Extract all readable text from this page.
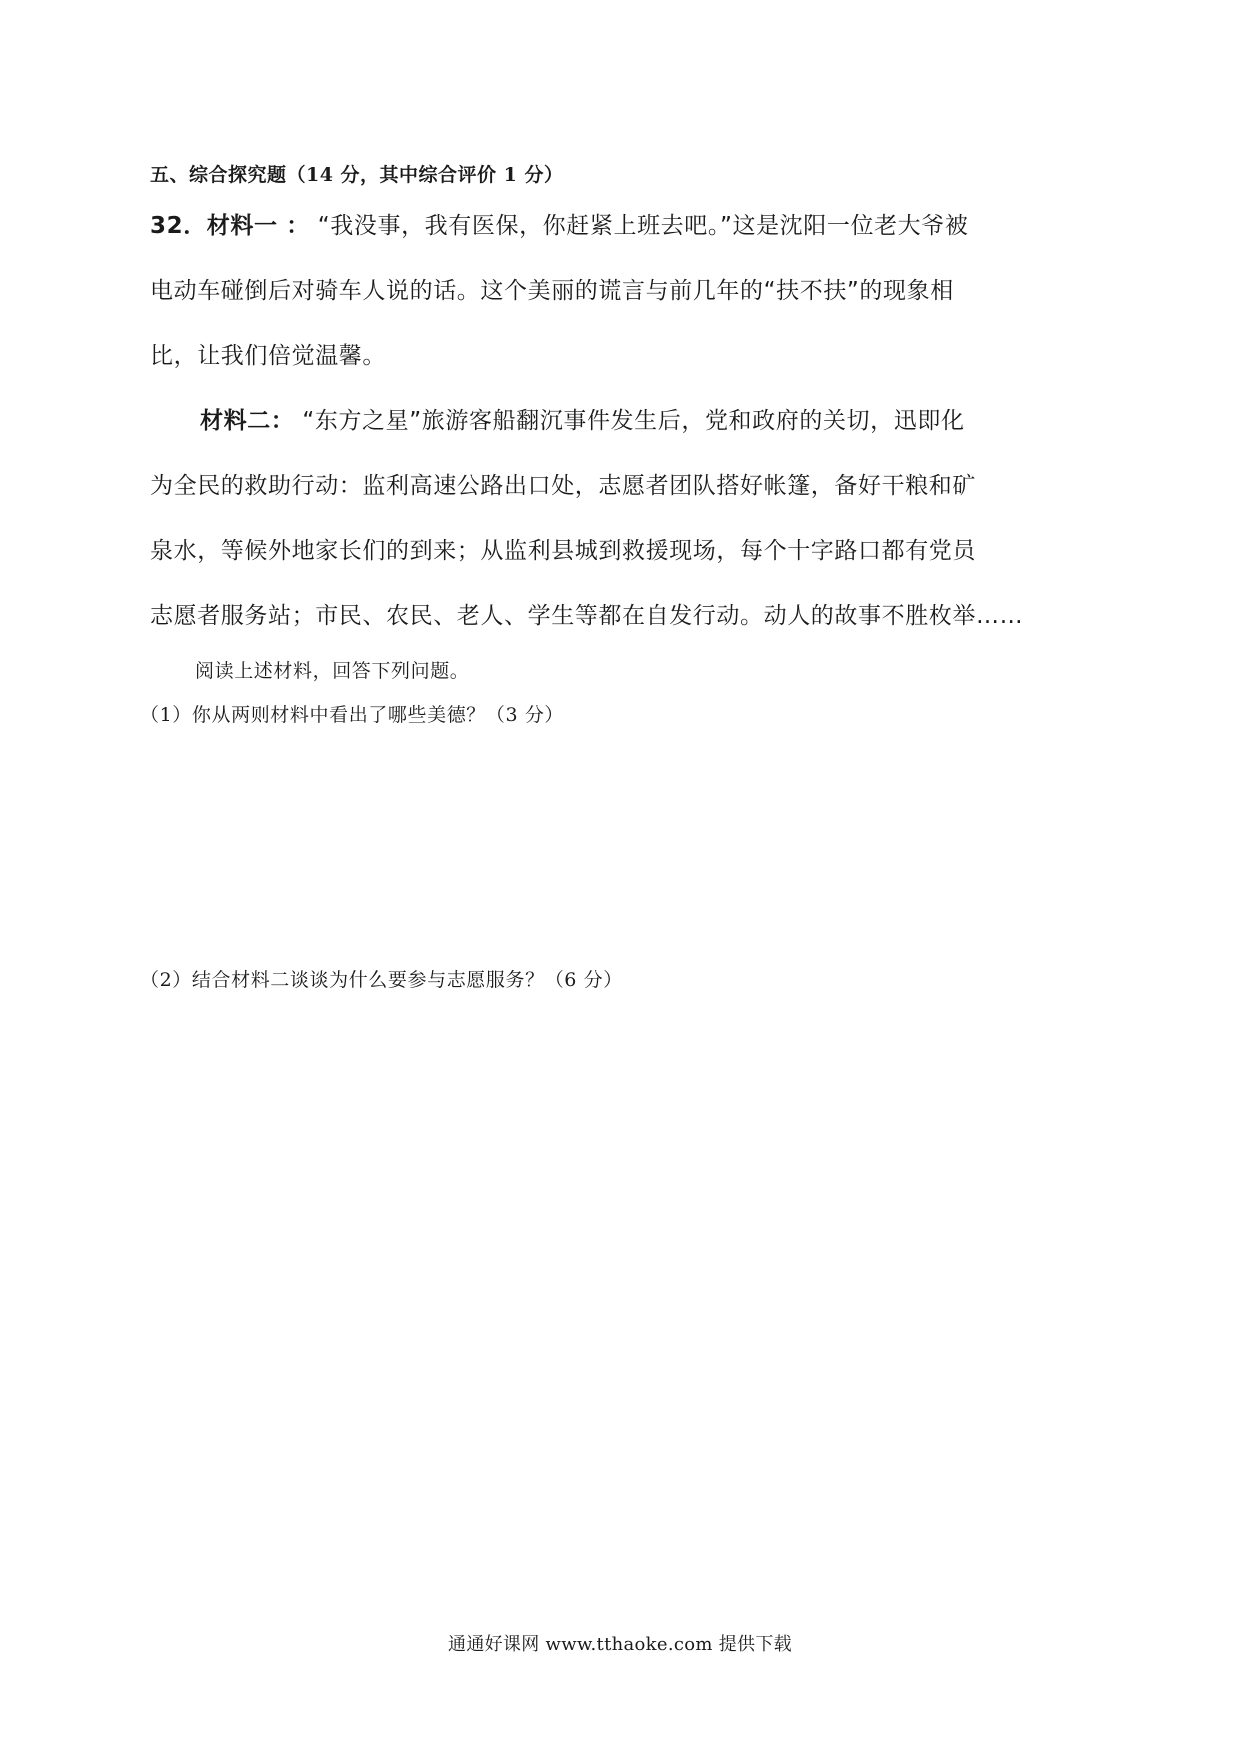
五、综合探究题（14 分，其中综合评价 1 分）
32．材料一 ： “我没事，我有医保，你赶紧上班去吧。”这是沈阳一位老大爷被
电动车碰倒后对骑车人说的话。这个美丽的谎言与前几年的“扶不扶”的现象相
比，让我们倍觉温馨。
材料二： “东方之星”旅游客船翻沉事件发生后，党和政府的关切，迅即化
为全民的救助行动：监利高速公路出口处，志愿者团队搭好帐篷，备好干粮和矿
泉水，等候外地家长们的到来；从监利县城到救援现场，每个十字路口都有党员
志愿者服务站；市民、农民、老人、学生等都在自发行动。动人的故事不胜枚举……
阅读上述材料，回答下列问题。
（1）你从两则材料中看出了哪些美德？（3 分）
（2）结合材料二谈谈为什么要参与志愿服务？（6 分）
通通好课网 www.tthaoke.com 提供下载
